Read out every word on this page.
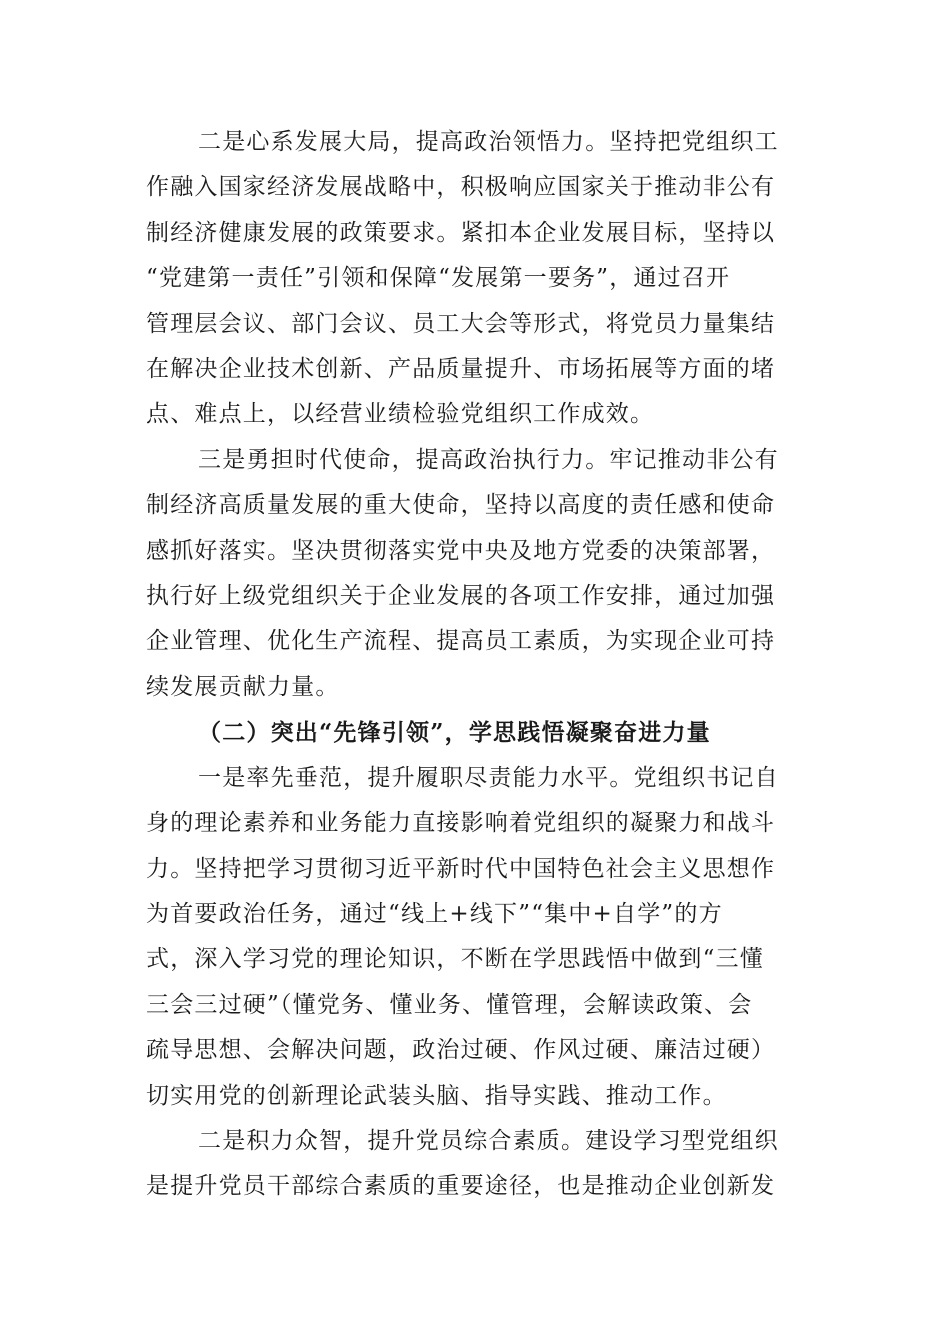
二是心系发展大局，提高政治领悟力。坚持把党组织工
作融入国家经济发展战略中，积极响应国家关于推动非公有
制经济健康发展的政策要求。紧扣本企业发展目标，坚持以
“党建第一责任”引领和保障“发展第一要务”，通过召开
管理层会议、部门会议、员工大会等形式，将党员力量集结
在解决企业技术创新、产品质量提升、市场拓展等方面的堵
点、难点上，以经营业绩检验党组织工作成效。

三是勇担时代使命，提高政治执行力。牢记推动非公有
制经济高质量发展的重大使命，坚持以高度的责任感和使命
感抓好落实。坚决贯彻落实党中央及地方党委的决策部署，
执行好上级党组织关于企业发展的各项工作安排，通过加强
企业管理、优化生产流程、提高员工素质，为实现企业可持
续发展贡献力量。

（二）突出“先锋引领”，学思践悟凝聚奋进力量

一是率先垂范，提升履职尽责能力水平。党组织书记自
身的理论素养和业务能力直接影响着党组织的凝聚力和战斗
力。坚持把学习贯彻习近平新时代中国特色社会主义思想作
为首要政治任务，通过“线上+线下”“集中+自学”的方
式，深入学习党的理论知识，不断在学思践悟中做到“三懂
三会三过硬”（懂党务、懂业务、懂管理，会解读政策、会
疏导思想、会解决问题，政治过硬、作风过硬、廉洁过硬）
切实用党的创新理论武装头脑、指导实践、推动工作。

二是积力众智，提升党员综合素质。建设学习型党组织
是提升党员干部综合素质的重要途径，也是推动企业创新发
